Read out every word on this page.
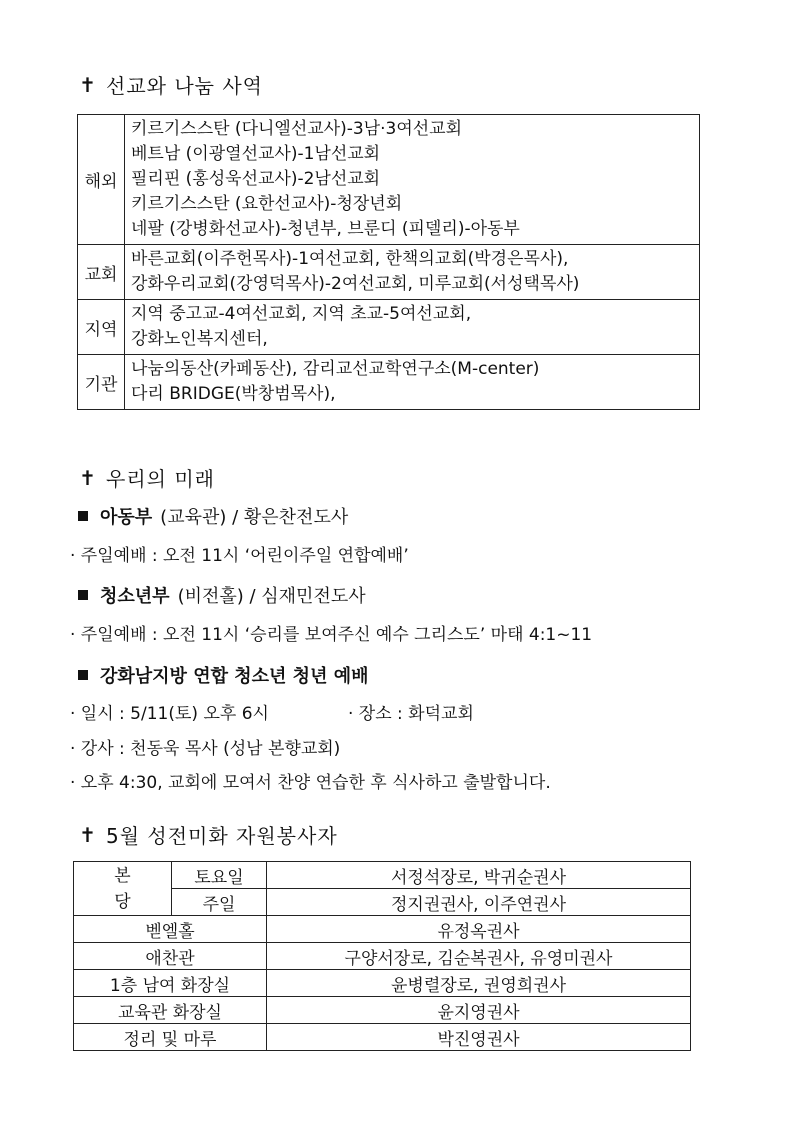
✝ 선교와 나눔 사역
해외	키르기스스탄 (다니엘선교사)-3남·3여선교회
베트남 (이광열선교사)-1남선교회
필리핀 (홍성욱선교사)-2남선교회
키르기스스탄 (요한선교사)-청장년회
네팔 (강병화선교사)-청년부, 브룬디 (피델리)-아동부

교회	바른교회(이주헌목사)-1여선교회, 한책의교회(박경은목사),
강화우리교회(강영덕목사)-2여선교회, 미루교회(서성택목사)

지역	지역 중고교-4여선교회, 지역 초교-5여선교회,
강화노인복지센터,

기관	나눔의동산(카페동산), 감리교선교학연구소(M-center)
다리 BRIDGE(박창범목사),
✝ 우리의 미래
아동부 (교육관) / 황은찬전도사
· 주일예배 : 오전 11시 ‘어린이주일 연합예배’
청소년부 (비전홀) / 심재민전도사
· 주일예배 : 오전 11시 ‘승리를 보여주신 예수 그리스도’ 마태 4:1~11
강화남지방 연합 청소년 청년 예배
· 일시 : 5/11(토) 오후 6시	· 장소 : 화덕교회
· 강사 : 천동욱 목사 (성남 본향교회)
· 오후 4:30, 교회에 모여서 찬양 연습한 후 식사하고 출발합니다.
✝ 5월 성전미화 자원봉사자
본
당	토요일	서정석장로, 박귀순권사
	주일	정지권권사, 이주연권사
벧엘홀		유정옥권사
애찬관		구양서장로, 김순복권사, 유영미권사
1층 남여 화장실		윤병렬장로, 권영희권사
교육관 화장실		윤지영권사
정리 및 마루		박진영권사
